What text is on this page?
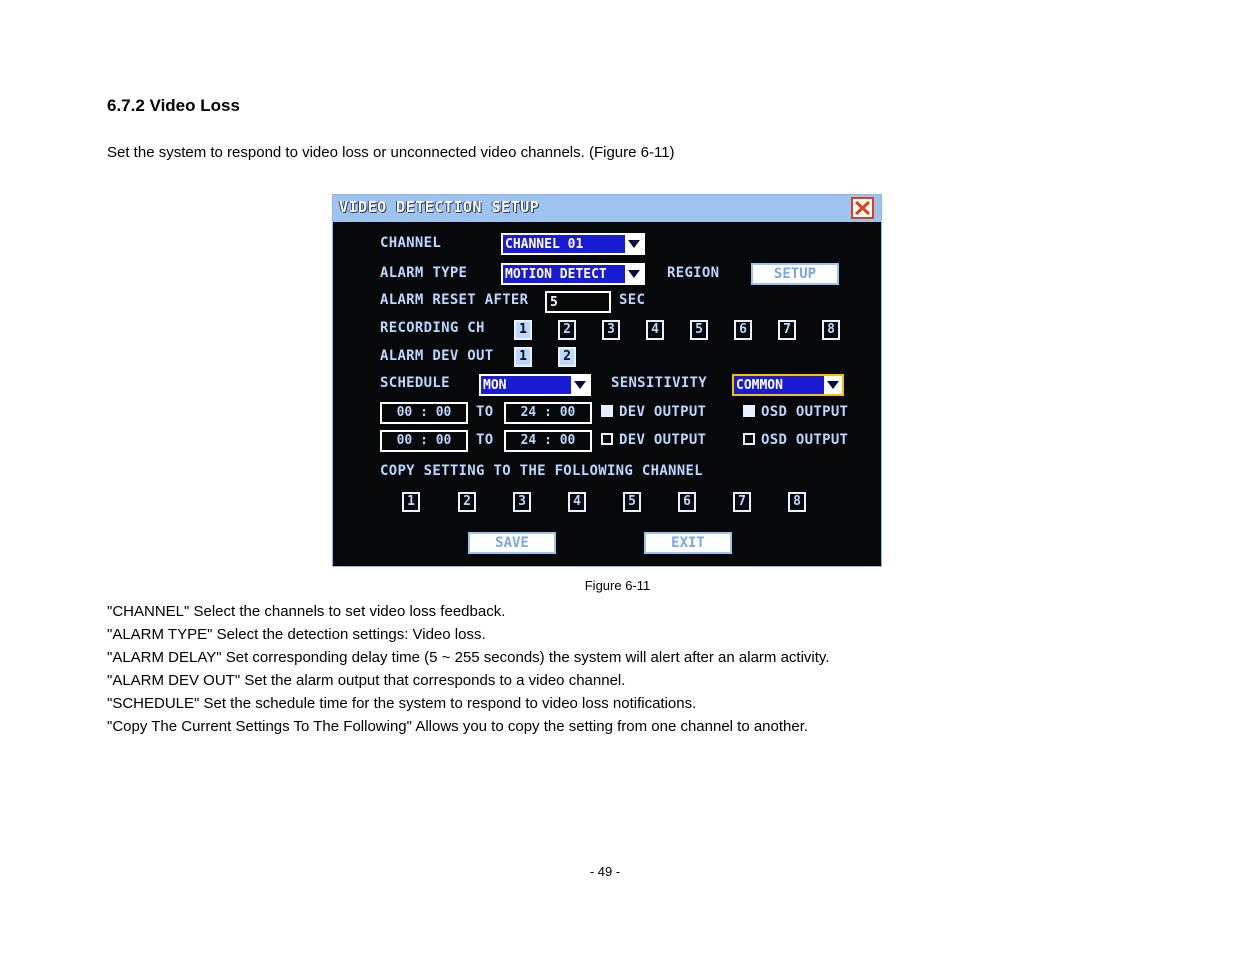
6.7.2 Video Loss
Set the system to respond to video loss or unconnected video channels. (Figure 6-11)
VIDEO DETECTION SETUP
CHANNEL	CHANNEL 01
ALARM TYPE	MOTION DETECT	REGION	SETUP
ALARM RESET AFTER 5	SEC
RECORDING CH	1	2	3	4	5	6	7	8
ALARM DEV OUT	1	2
SCHEDULE	MON	SENSITIVITY COMMON
00 : 00	TO	24 : 00	DEV OUTPUT	OSD OUTPUT
00 : 00	TO	24 : 00	DEV OUTPUT	OSD OUTPUT
COPY SETTING TO THE FOLLOWING CHANNEL
1	2	3	4	5	6	7	8
SAVE	EXIT
Figure 6-11
"CHANNEL" Select the channels to set video loss feedback.
"ALARM TYPE" Select the detection settings: Video loss.
"ALARM DELAY" Set corresponding delay time (5 ~ 255 seconds) the system will alert after an alarm activity.
"ALARM DEV OUT" Set the alarm output that corresponds to a video channel.
"SCHEDULE" Set the schedule time for the system to respond to video loss notifications.
"Copy The Current Settings To The Following" Allows you to copy the setting from one channel to another.
- 49 -
